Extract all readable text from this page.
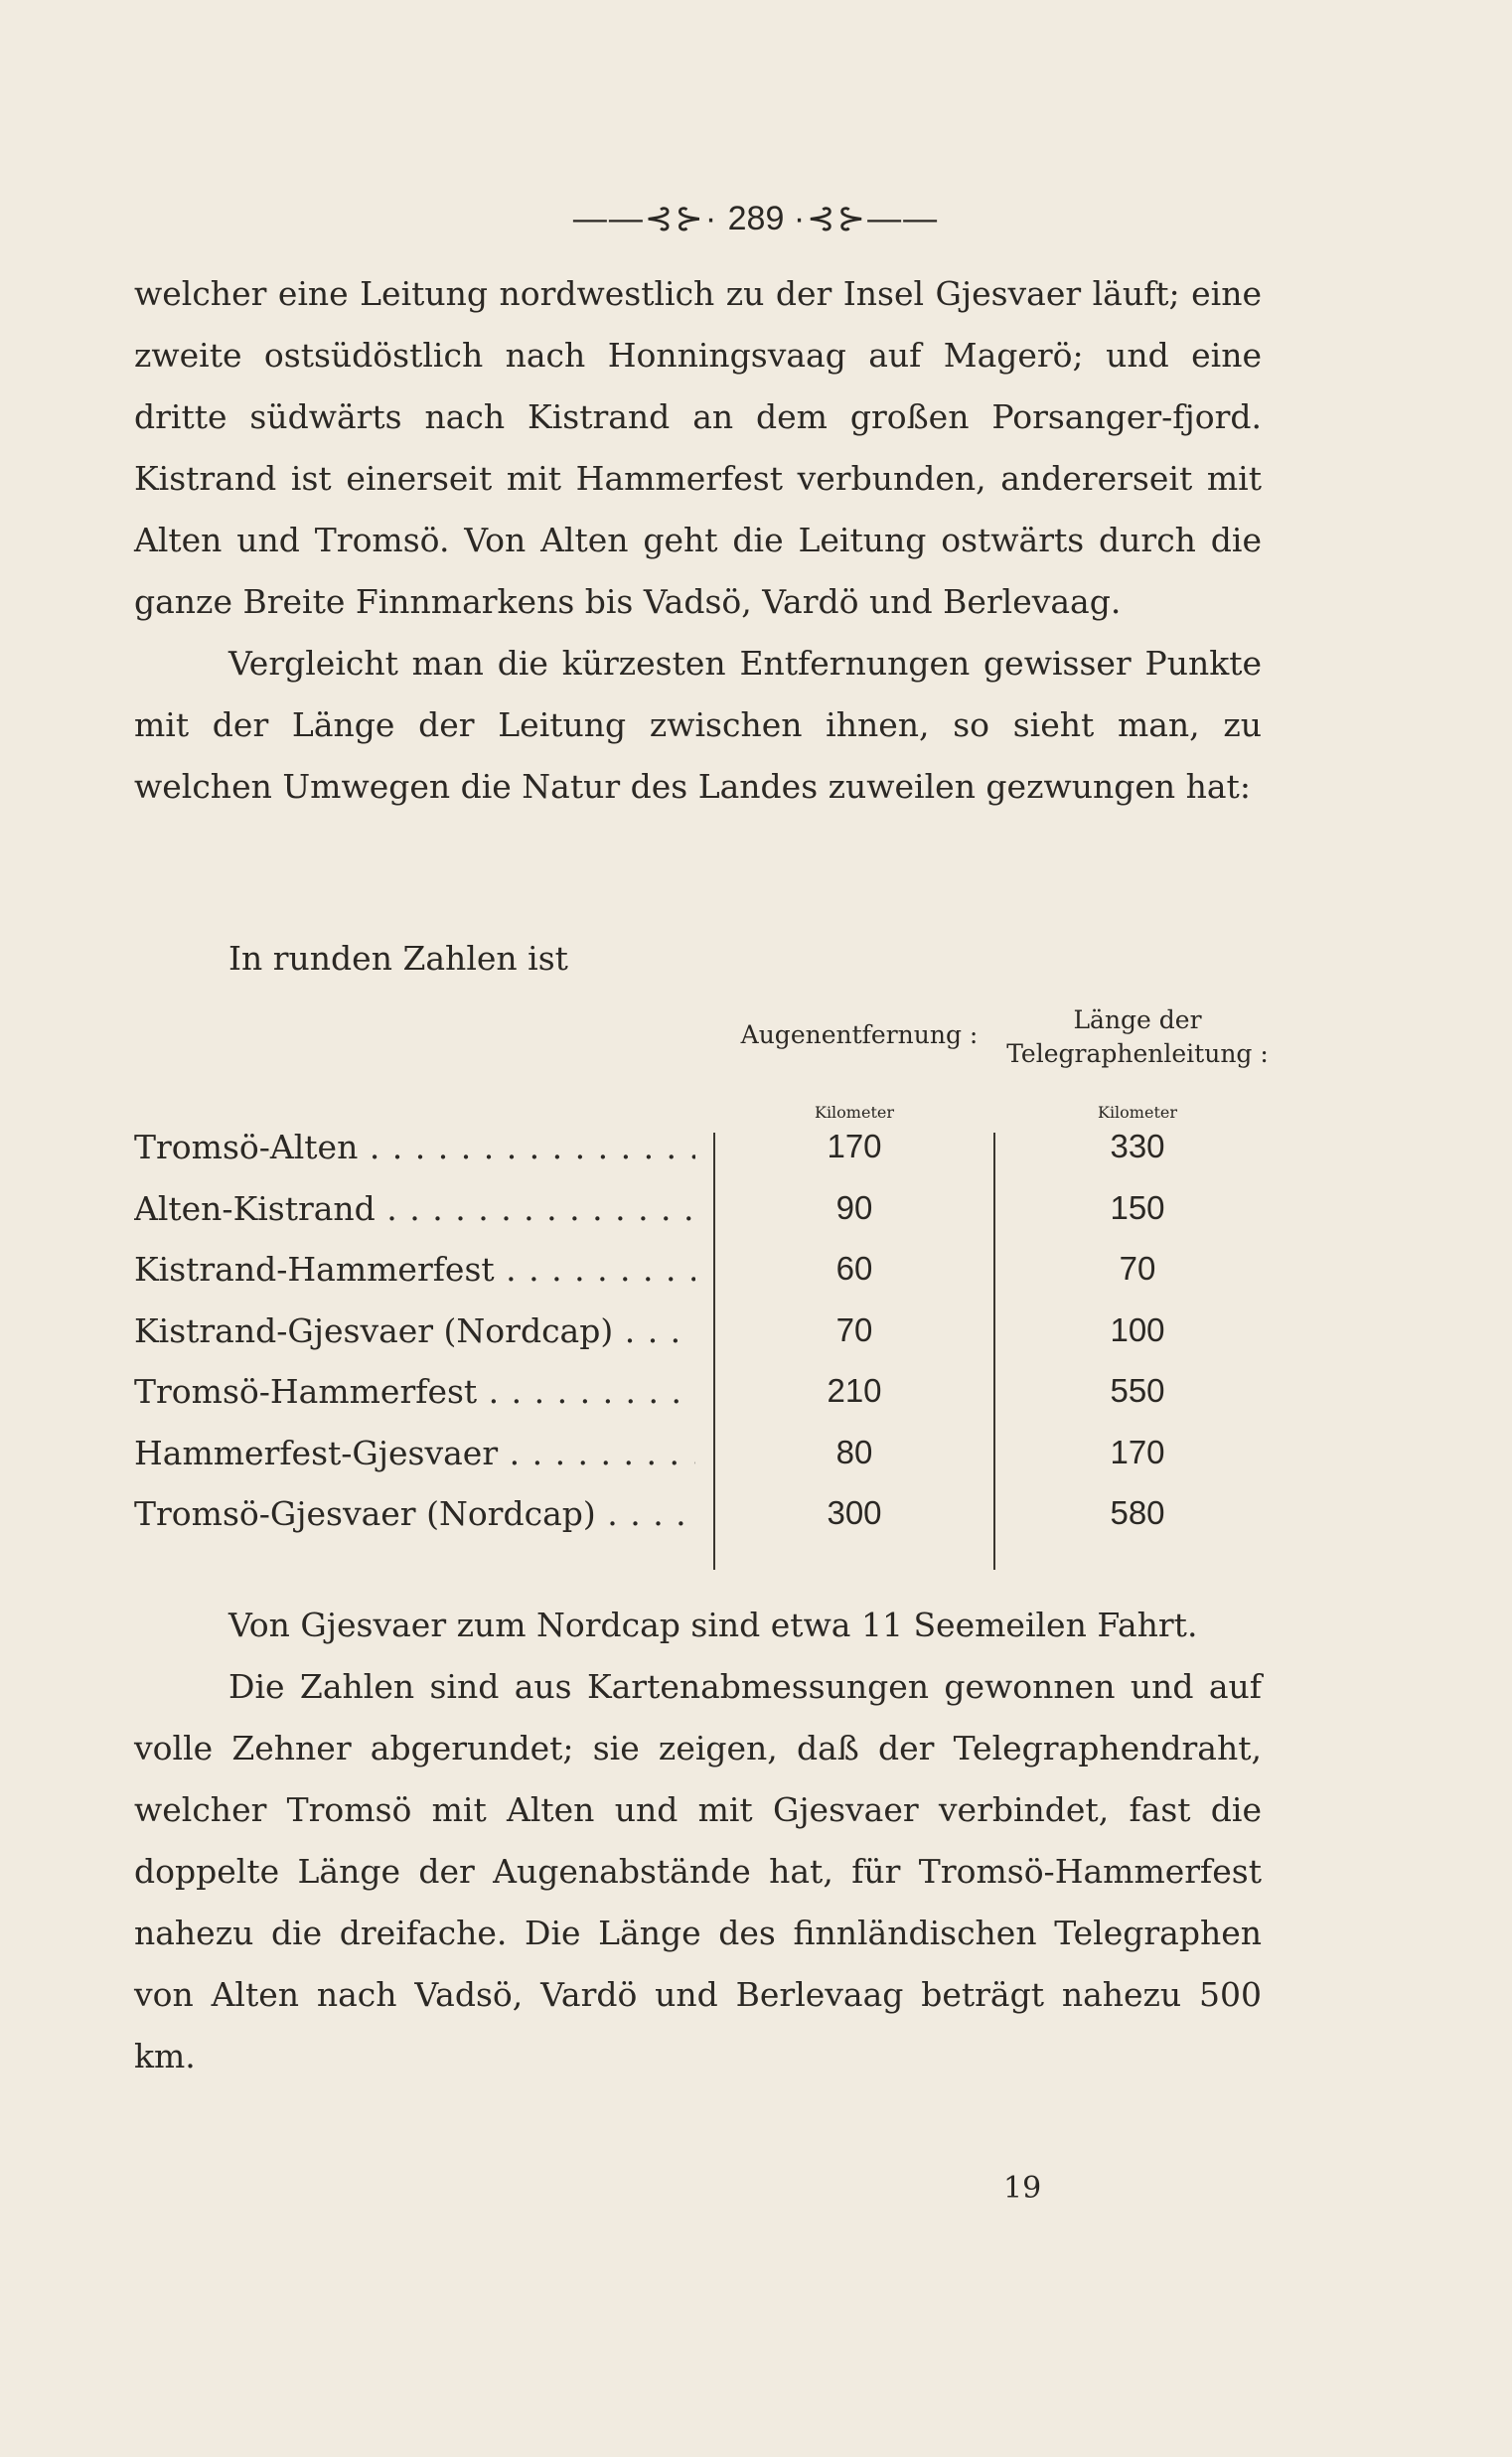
——⊰⊱· 289 ·⊰⊱——

welcher eine Leitung nordwestlich zu der Insel Gjesvaer läuft; eine zweite ostsüdöstlich nach Honningsvaag auf Magerö; und eine dritte südwärts nach Kistrand an dem großen Porsanger-fjord. Kistrand ist einerseit mit Hammerfest verbunden, andererseit mit Alten und Tromsö. Von Alten geht die Leitung ostwärts durch die ganze Breite Finnmarkens bis Vadsö, Vardö und Berlevaag.

Vergleicht man die kürzesten Entfernungen gewisser Punkte mit der Länge der Leitung zwischen ihnen, so sieht man, zu welchen Umwegen die Natur des Landes zuweilen gezwungen hat:

In runden Zahlen ist
Augenentfernung :
Länge der
Telegraphenleitung :
Kilometer	Kilometer
Tromsö-Alten . . .	170	330
Alten-Kistrand . . .	90	150
Kistrand-Hammerfest . . .	60	70
Kistrand-Gjesvaer (Nordcap) . . .	70	100
Tromsö-Hammerfest . . .	210	550
Hammerfest-Gjesvaer . . .	80	170
Tromsö-Gjesvaer (Nordcap) . . .	300	580

Von Gjesvaer zum Nordcap sind etwa 11 Seemeilen Fahrt.

Die Zahlen sind aus Kartenabmessungen gewonnen und auf volle Zehner abgerundet; sie zeigen, daß der Telegraphendraht, welcher Tromsö mit Alten und mit Gjesvaer verbindet, fast die doppelte Länge der Augenabstände hat, für Tromsö-Hammerfest nahezu die dreifache. Die Länge des finnländischen Telegraphen von Alten nach Vadsö, Vardö und Berlevaag beträgt nahezu 500 km.

19
